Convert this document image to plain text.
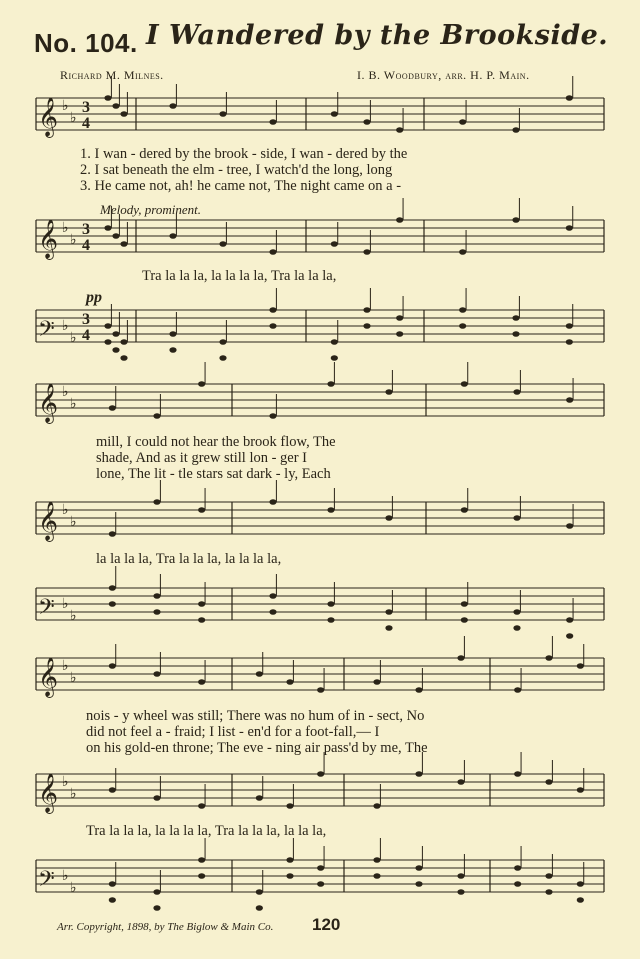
No. 104. I Wandered by the Brookside.
Richard M. Milnes.	I. B. Woodbury, arr. H. P. Main.
𝄞 ♭
♭
3
4
𝄞 ♭
♭
3
4
𝄢 ♭
♭
3
4
𝄞 ♭
♭
𝄞 ♭
♭
𝄢 ♭
♭
𝄞 ♭
♭
𝄞 ♭
♭
𝄢 ♭
♭
1. I wan - dered by the brook - side, I wan - dered by the
2. I sat beneath the elm - tree, I watch'd the long, long
3. He came not, ah! he came not, The night came on a -
Melody, prominent.
Tra la la la, la la la la, Tra la la la,
pp
mill, I could not hear the brook flow, The
shade, And as it grew still lon - ger I
lone, The lit - tle stars sat dark - ly, Each
la la la la, Tra la la la, la la la la,
nois - y wheel was still; There was no hum of in - sect, No
did not feel a - fraid; I list - en'd for a foot-fall,— I
on his gold-en throne; The eve - ning air pass'd by me, The
Tra la la la, la la la la, Tra la la la, la la la,
Arr. Copyright, 1898, by The Biglow & Main Co. 120
